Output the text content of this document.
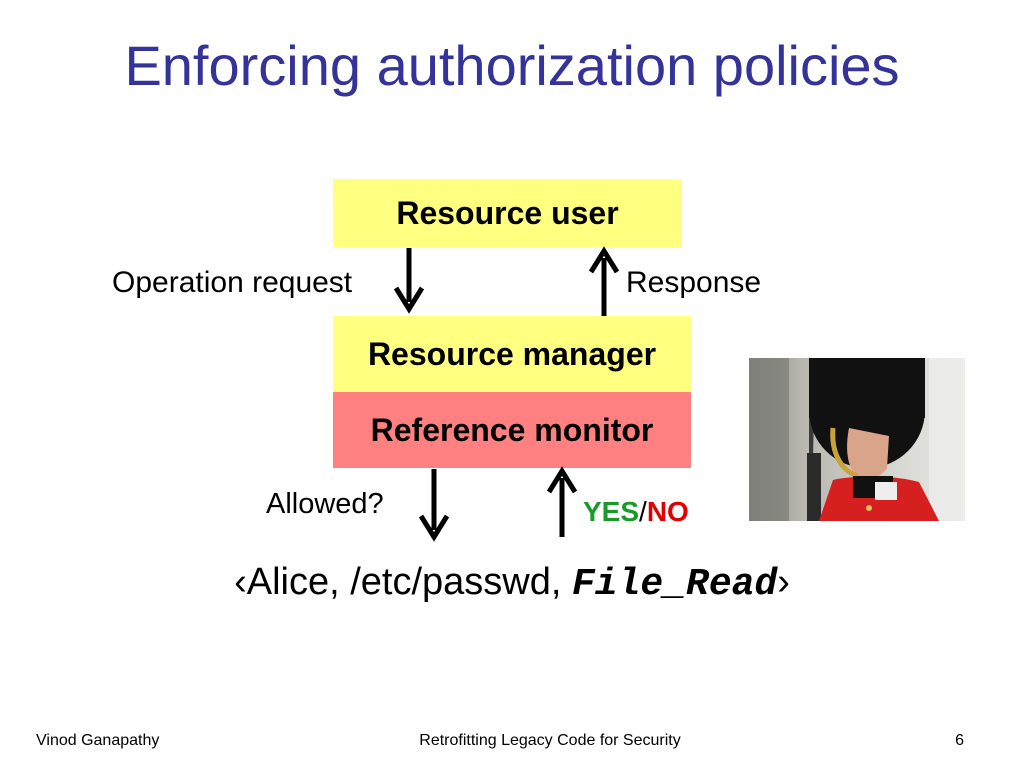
Enforcing authorization policies
Resource user
Operation request	Response
Resource manager
Reference monitor
Allowed?	YES/NO
‹Alice, /etc/passwd, File_Read›
Vinod Ganapathy	Retrofitting Legacy Code for Security	6
